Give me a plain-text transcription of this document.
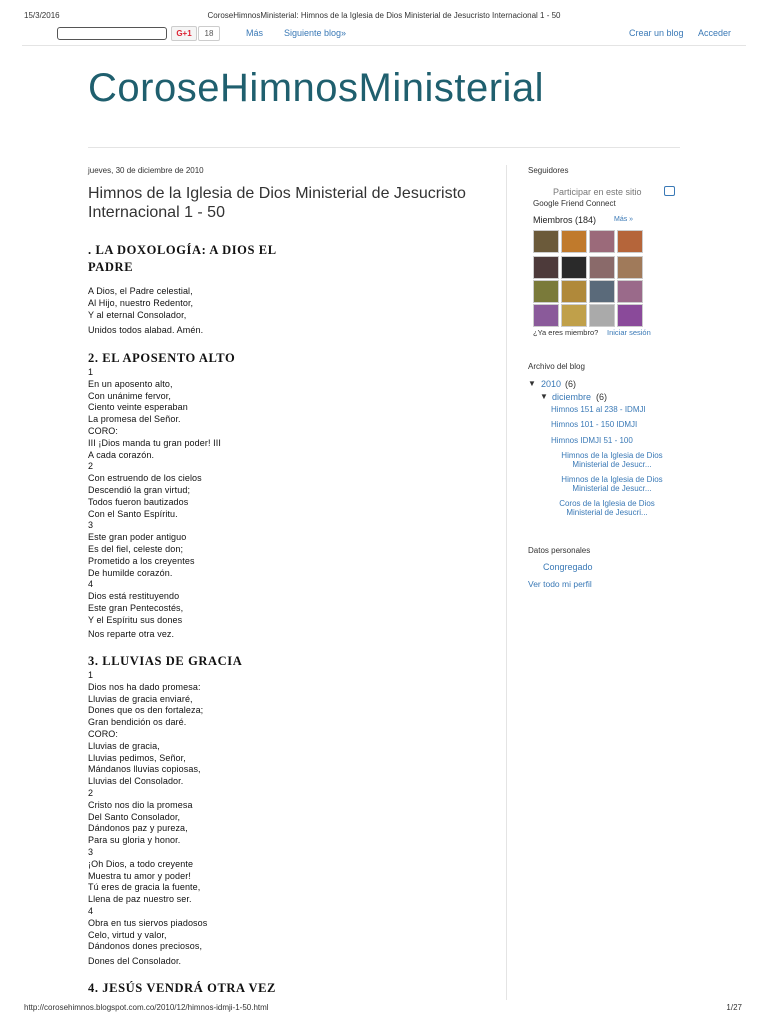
15/3/2016	CoroseHimnosMinisterial: Himnos de la Iglesia de Dios Ministerial de Jesucristo Internacional 1 - 50
G+1	18	Más Siguiente blog»	Crear un blog Acceder
CoroseHimnosMinisterial
jueves, 30 de diciembre de 2010
Himnos de la Iglesia de Dios Ministerial de Jesucristo Internacional 1 - 50
. LA DOXOLOGÍA: A DIOS EL
PADRE
A Dios, el Padre celestial,
Al Hijo, nuestro Redentor,
Y al eternal Consolador,
Unidos todos alabad. Amén.
2. EL APOSENTO ALTO
1
En un aposento alto,
Con unánime fervor,
Ciento veinte esperaban
La promesa del Señor.
CORO:
III ¡Dios manda tu gran poder! III
A cada corazón.
2
Con estruendo de los cielos
Descendió la gran virtud;
Todos fueron bautizados
Con el Santo Espíritu.
3
Este gran poder antiguo
Es del fiel, celeste don;
Prometido a los creyentes
De humilde corazón.
4
Dios está restituyendo
Este gran Pentecostés,
Y el Espíritu sus dones
Nos reparte otra vez.
3. LLUVIAS DE GRACIA
1
Dios nos ha dado promesa:
Lluvias de gracia enviaré,
Dones que os den fortaleza;
Gran bendición os daré.
CORO:
Lluvias de gracia,
Lluvias pedimos, Señor,
Mándanos lluvias copiosas,
Lluvias del Consolador.
2
Cristo nos dio la promesa
Del Santo Consolador,
Dándonos paz y pureza,
Para su gloria y honor.
3
¡Oh Dios, a todo creyente
Muestra tu amor y poder!
Tú eres de gracia la fuente,
Llena de paz nuestro ser.
4
Obra en tus siervos piadosos
Celo, virtud y valor,
Dándonos dones preciosos,
Dones del Consolador.
4. JESÚS VENDRÁ OTRA VEZ
Seguidores
Participar en este sitio
Google Friend Connect
Miembros (184)	Más »
¿Ya eres miembro? Iniciar sesión
Archivo del blog
▼ 2010 (6)
▼ diciembre (6)
Himnos 151 al 238 - IDMJI
Himnos 101 - 150 IDMJI
Himnos IDMJI 51 - 100
Himnos de la Iglesia de Dios Ministerial de Jesucr...
Himnos de la Iglesia de Dios Ministerial de Jesucr...
Coros de la Iglesia de Dios Ministerial de Jesucri...
Datos personales
Congregado
Ver todo mi perfil
http://corosehimnos.blogspot.com.co/2010/12/himnos-idmji-1-50.html	1/27
